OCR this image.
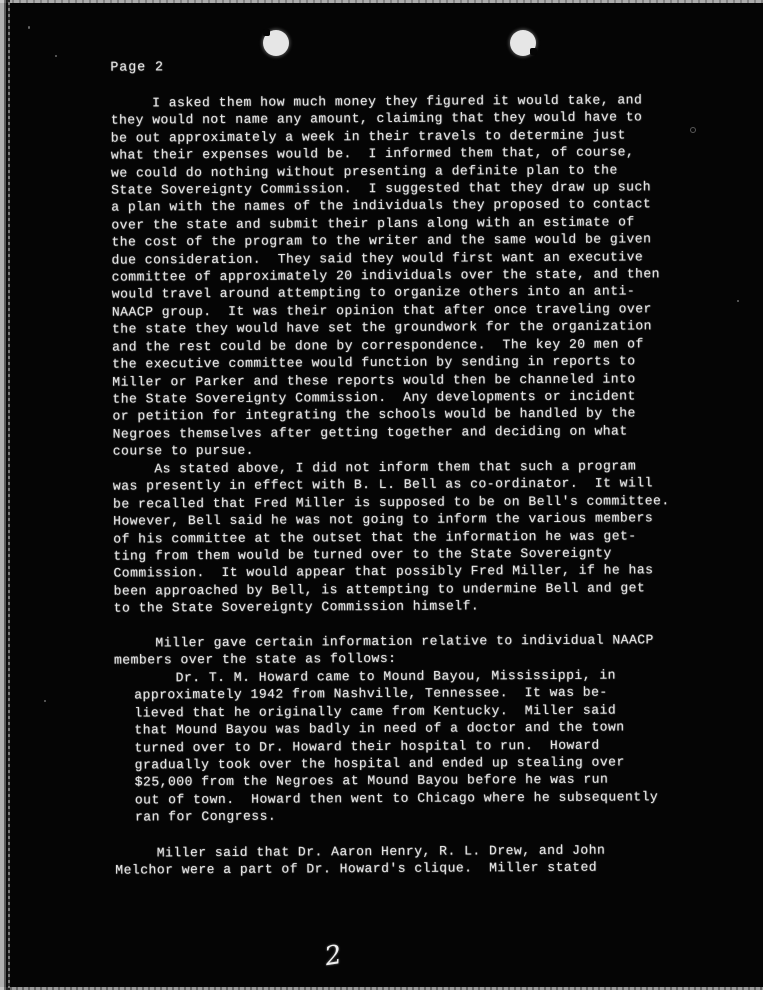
Page 2
I asked them how much money they figured it would take, and
they would not name any amount, claiming that they would have to
be out approximately a week in their travels to determine just
what their expenses would be.  I informed them that, of course,
we could do nothing without presenting a definite plan to the
State Sovereignty Commission.  I suggested that they draw up such
a plan with the names of the individuals they proposed to contact
over the state and submit their plans along with an estimate of
the cost of the program to the writer and the same would be given
due consideration.  They said they would first want an executive
committee of approximately 20 individuals over the state, and then
would travel around attempting to organize others into an anti-
NAACP group.  It was their opinion that after once traveling over
the state they would have set the groundwork for the organization
and the rest could be done by correspondence.  The key 20 men of
the executive committee would function by sending in reports to
Miller or Parker and these reports would then be channeled into
the State Sovereignty Commission.  Any developments or incident
or petition for integrating the schools would be handled by the
Negroes themselves after getting together and deciding on what
course to pursue.
As stated above, I did not inform them that such a program
was presently in effect with B. L. Bell as co-ordinator.  It will
be recalled that Fred Miller is supposed to be on Bell's committee.
However, Bell said he was not going to inform the various members
of his committee at the outset that the information he was get-
ting from them would be turned over to the State Sovereignty
Commission.  It would appear that possibly Fred Miller, if he has
been approached by Bell, is attempting to undermine Bell and get
to the State Sovereignty Commission himself.
Miller gave certain information relative to individual NAACP
members over the state as follows:
Dr. T. M. Howard came to Mound Bayou, Mississippi, in
approximately 1942 from Nashville, Tennessee.  It was be-
lieved that he originally came from Kentucky.  Miller said
that Mound Bayou was badly in need of a doctor and the town
turned over to Dr. Howard their hospital to run.  Howard
gradually took over the hospital and ended up stealing over
$25,000 from the Negroes at Mound Bayou before he was run
out of town.  Howard then went to Chicago where he subsequently
ran for Congress.
Miller said that Dr. Aaron Henry, R. L. Drew, and John
Melchor were a part of Dr. Howard's clique.  Miller stated
2
